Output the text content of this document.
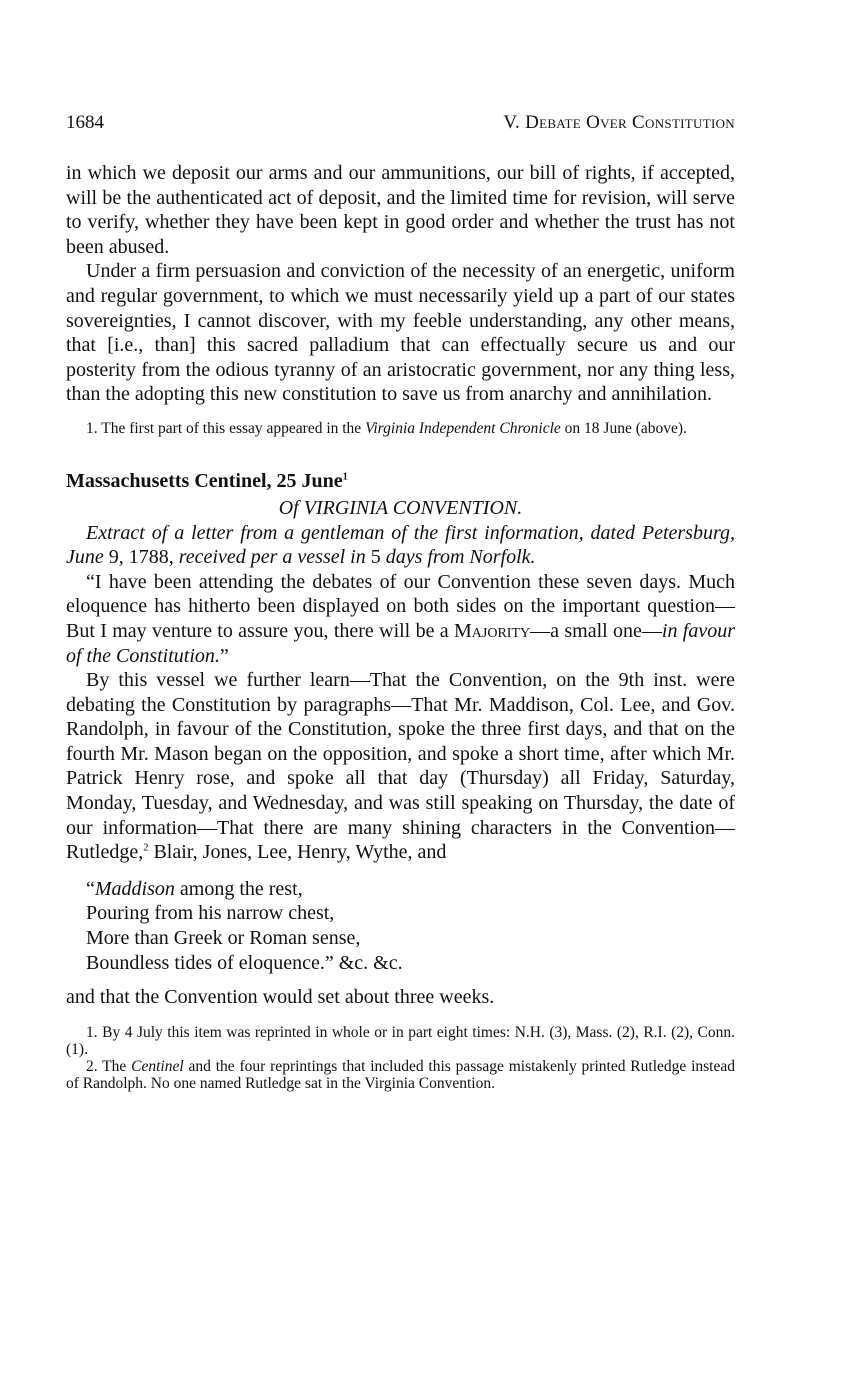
1684	V. Debate Over Constitution

in which we deposit our arms and our ammunitions, our bill of rights, if accepted, will be the authenticated act of deposit, and the limited time for revision, will serve to verify, whether they have been kept in good order and whether the trust has not been abused.

Under a firm persuasion and conviction of the necessity of an energetic, uniform and regular government, to which we must necessarily yield up a part of our states sovereignties, I cannot discover, with my feeble understanding, any other means, that [i.e., than] this sacred palladium that can effectually secure us and our posterity from the odious tyranny of an aristocratic government, nor any thing less, than the adopting this new constitution to save us from anarchy and annihilation.

1. The first part of this essay appeared in the Virginia Independent Chronicle on 18 June (above).

Massachusetts Centinel, 25 June$^1$

Of VIRGINIA CONVENTION.

Extract of a letter from a gentleman of the first information, dated Petersburg, June 9, 1788, received per a vessel in 5 days from Norfolk.

“I have been attending the debates of our Convention these seven days. Much eloquence has hitherto been displayed on both sides on the important question—But I may venture to assure you, there will be a Majority—a small one—in favour of the Constitution.”

By this vessel we further learn—That the Convention, on the 9th inst. were debating the Constitution by paragraphs—That Mr. Maddison, Col. Lee, and Gov. Randolph, in favour of the Constitution, spoke the three first days, and that on the fourth Mr. Mason began on the opposition, and spoke a short time, after which Mr. Patrick Henry rose, and spoke all that day (Thursday) all Friday, Saturday, Monday, Tuesday, and Wednesday, and was still speaking on Thursday, the date of our information—That there are many shining characters in the Convention—Rutledge,$^2$ Blair, Jones, Lee, Henry, Wythe, and

“Maddison among the rest,
Pouring from his narrow chest,
More than Greek or Roman sense,
Boundless tides of eloquence.” &c. &c.

and that the Convention would set about three weeks.

1. By 4 July this item was reprinted in whole or in part eight times: N.H. (3), Mass. (2), R.I. (2), Conn. (1).

2. The Centinel and the four reprintings that included this passage mistakenly printed Rutledge instead of Randolph. No one named Rutledge sat in the Virginia Convention.
